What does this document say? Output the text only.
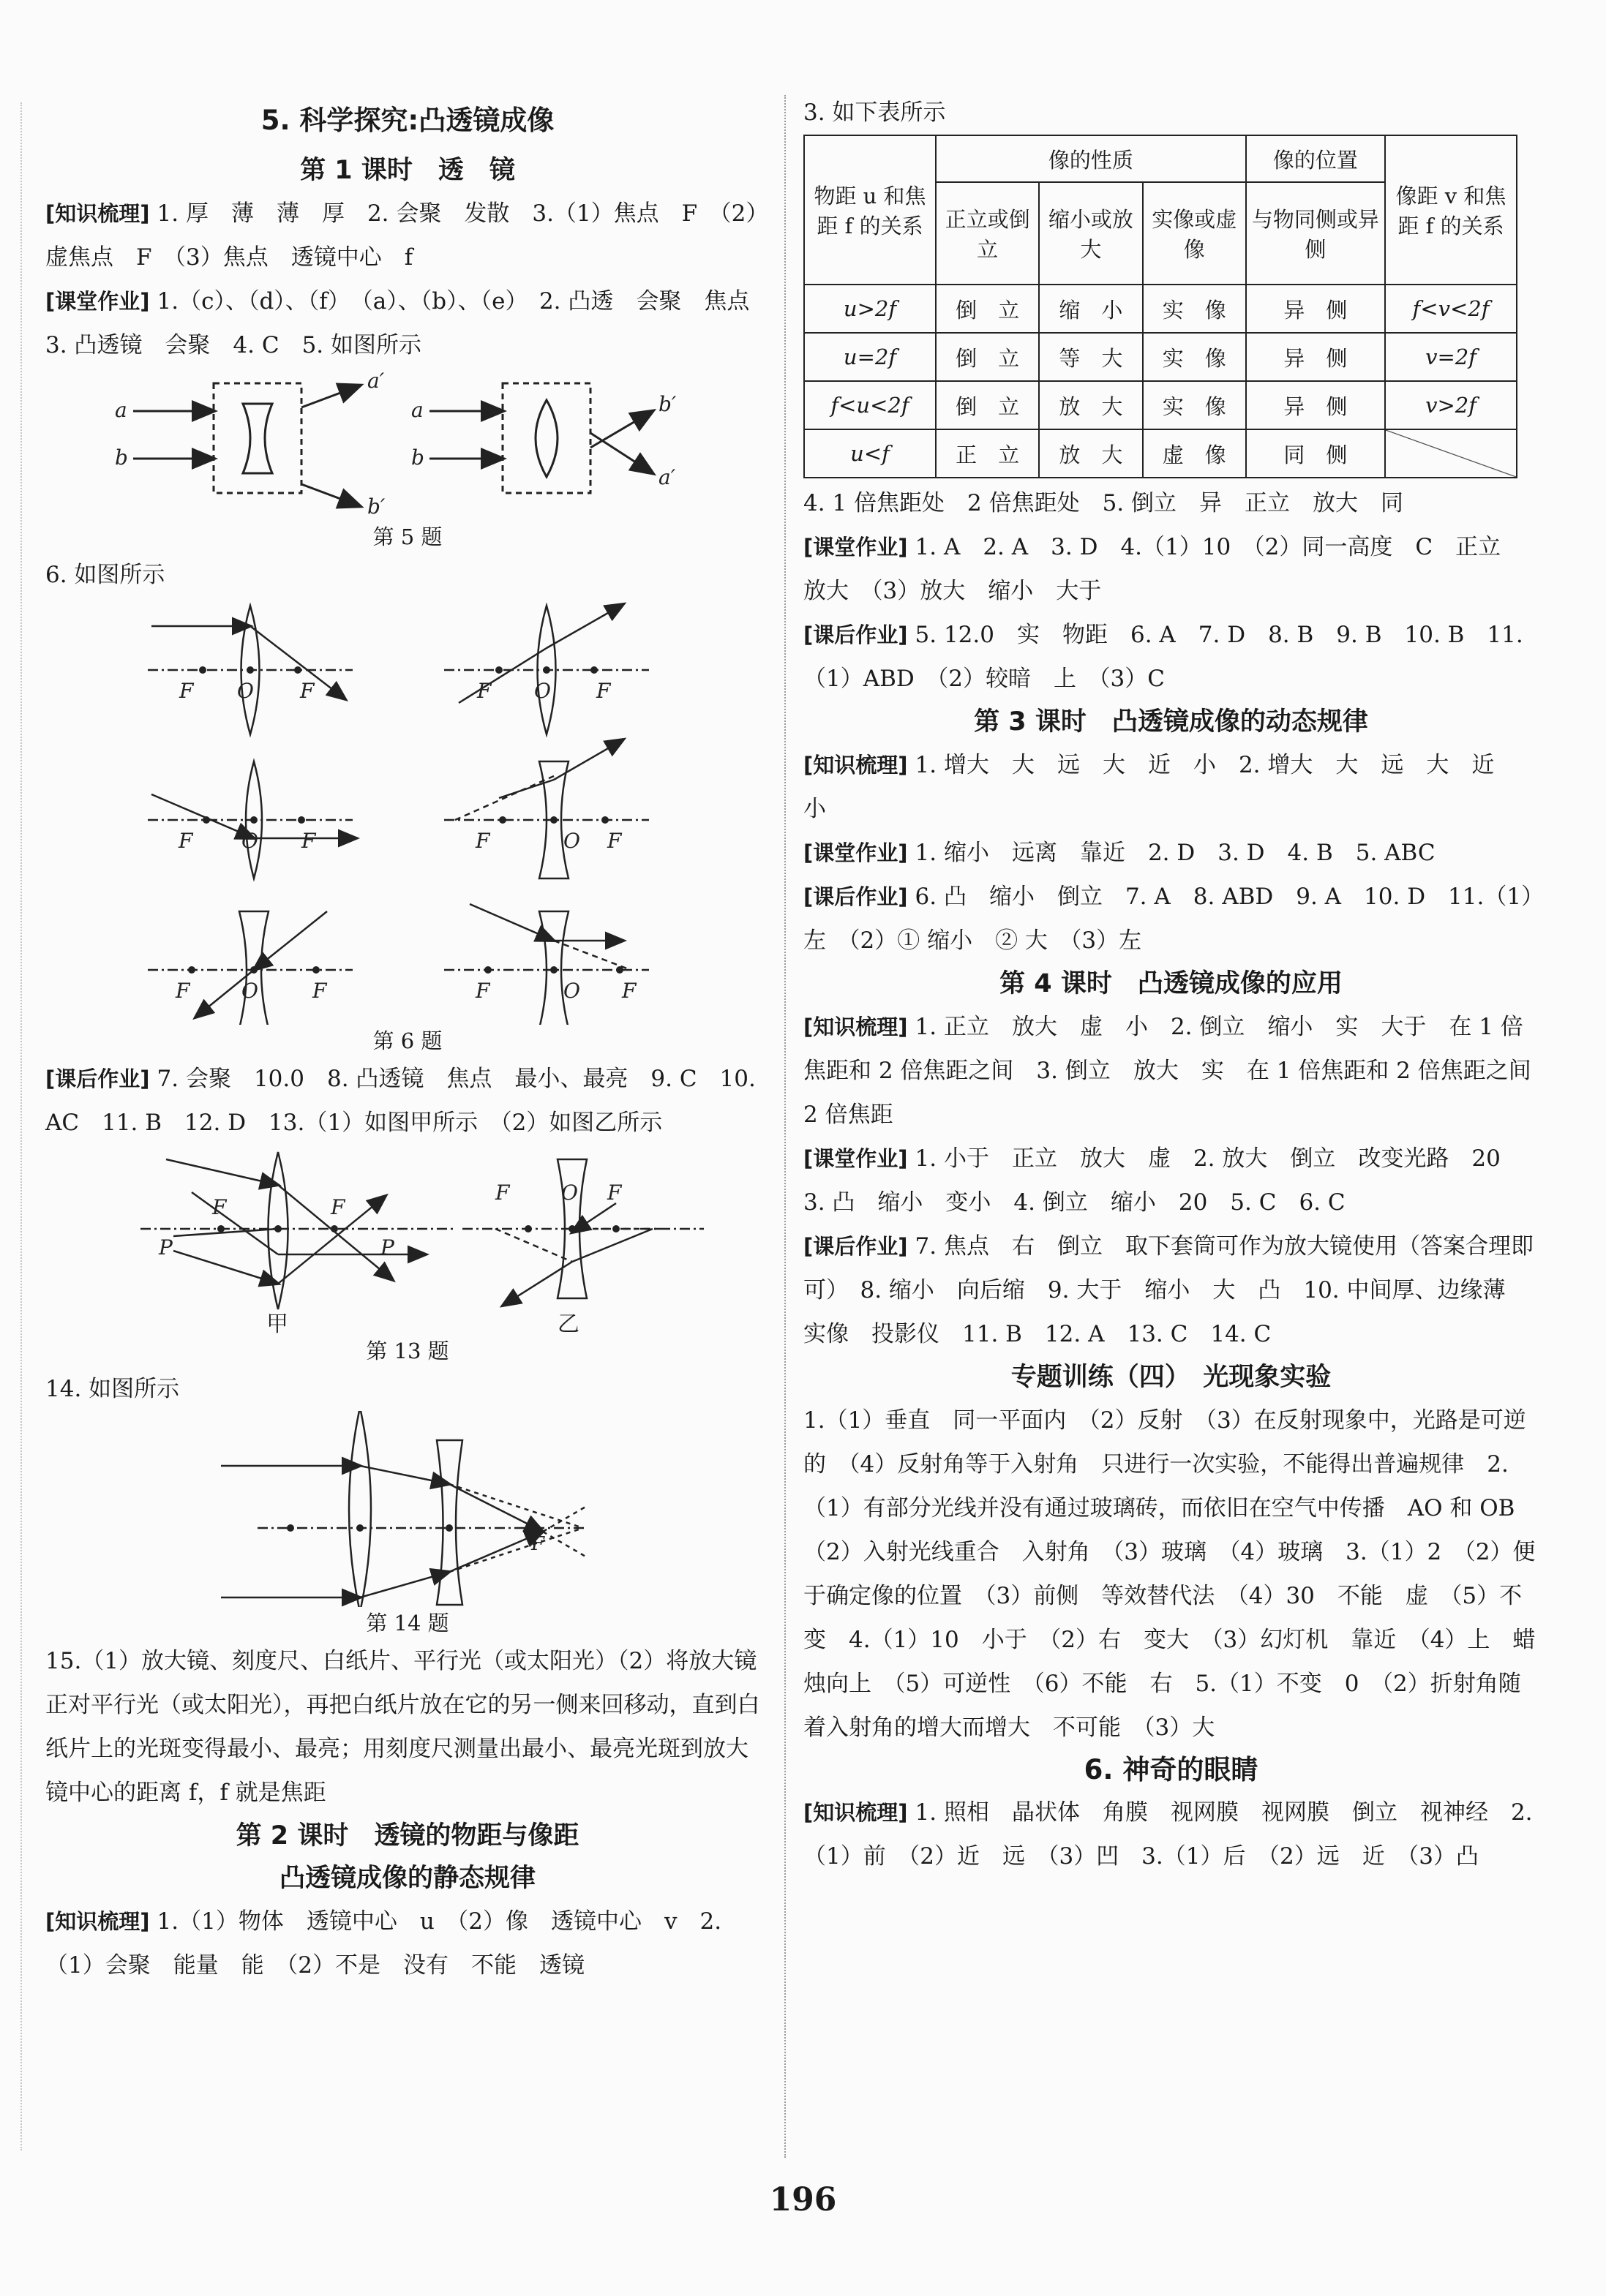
5. 科学探究:凸透镜成像
第 1 课时　透　镜

[知识梳理] 1. 厚　薄　薄　厚　2. 会聚　发散　3.（1）焦点　F　（2）虚焦点　F　（3）焦点　透镜中心　f

[课堂作业] 1.（c）、（d）、（f）　（a）、（b）、（e）　2. 凸透　会聚　焦点　3. 凸透镜　会聚　4. C　5. 如图所示

a
b
a′
b′
a
b
b′
a′
第 5 题

6. 如图所示

F O F	F O F
F O F	F	O F
F	O	F	F	O F
第 6 题

[课后作业] 7. 会聚　10.0　8. 凸透镜　焦点　最小、最亮　9. C　10. AC　11. B　12. D　13.（1）如图甲所示　（2）如图乙所示

F	F
P	P
F	O F
甲	乙
第 13 题

14. 如图所示

F
第 14 题

15.（1）放大镜、刻度尺、白纸片、平行光（或太阳光）（2）将放大镜正对平行光（或太阳光），再把白纸片放在它的另一侧来回移动，直到白纸片上的光斑变得最小、最亮；用刻度尺测量出最小、最亮光斑到放大镜中心的距离 f，f 就是焦距

第 2 课时　透镜的物距与像距
凸透镜成像的静态规律

[知识梳理] 1.（1）物体　透镜中心　u　（2）像　透镜中心　v　2.（1）会聚　能量　能　（2）不是　没有　不能　透镜

3. 如下表所示

物距 u 和焦距 f 的关系	像的性质			像的位置	像距 v 和焦距 f 的关系
	正立或倒立	缩小或放大	实像或虚像	与物同侧或异侧	
u>2f	倒　立	缩　小	实　像	异　侧	f<v<2f
u=2f	倒　立	等　大	实　像	异　侧	v=2f
f<u<2f	倒　立	放　大	实　像	异　侧	v>2f
u<f	正　立	放　大	虚　像	同　侧	

4. 1 倍焦距处　2 倍焦距处　5. 倒立　异　正立　放大　同

[课堂作业] 1. A　2. A　3. D　4.（1）10　（2）同一高度　C　正立　放大　（3）放大　缩小　大于

[课后作业] 5. 12.0　实　物距　6. A　7. D　8. B　9. B　10. B　11.（1）ABD　（2）较暗　上　（3）C

第 3 课时　凸透镜成像的动态规律

[知识梳理] 1. 增大　大　远　大　近　小　2. 增大　大　远　大　近　小

[课堂作业] 1. 缩小　远离　靠近　2. D　3. D　4. B　5. ABC

[课后作业] 6. 凸　缩小　倒立　7. A　8. ABD　9. A　10. D　11.（1）左　（2）① 缩小　② 大　（3）左

第 4 课时　凸透镜成像的应用

[知识梳理] 1. 正立　放大　虚　小　2. 倒立　缩小　实　大于　在 1 倍焦距和 2 倍焦距之间　3. 倒立　放大　实　在 1 倍焦距和 2 倍焦距之间　2 倍焦距

[课堂作业] 1. 小于　正立　放大　虚　2. 放大　倒立　改变光路　20　3. 凸　缩小　变小　4. 倒立　缩小　20　5. C　6. C

[课后作业] 7. 焦点　右　倒立　取下套筒可作为放大镜使用（答案合理即可）　8. 缩小　向后缩　9. 大于　缩小　大　凸　10. 中间厚、边缘薄　实像　投影仪　11. B　12. A　13. C　14. C

专题训练（四）　光现象实验

1.（1）垂直　同一平面内　（2）反射　（3）在反射现象中，光路是可逆的　（4）反射角等于入射角　只进行一次实验，不能得出普遍规律　2.（1）有部分光线并没有通过玻璃砖，而依旧在空气中传播　AO 和 OB　（2）入射光线重合　入射角　（3）玻璃　（4）玻璃　3.（1）2　（2）便于确定像的位置　（3）前侧　等效替代法　（4）30　不能　虚　（5）不变　4.（1）10　小于　（2）右　变大　（3）幻灯机　靠近　（4）上　蜡烛向上　（5）可逆性　（6）不能　右　5.（1）不变　0　（2）折射角随着入射角的增大而增大　不可能　（3）大

6. 神奇的眼睛

[知识梳理] 1. 照相　晶状体　角膜　视网膜　视网膜　倒立　视神经　2.（1）前　（2）近　远　（3）凹　3.（1）后　（2）远　近　（3）凸

196
